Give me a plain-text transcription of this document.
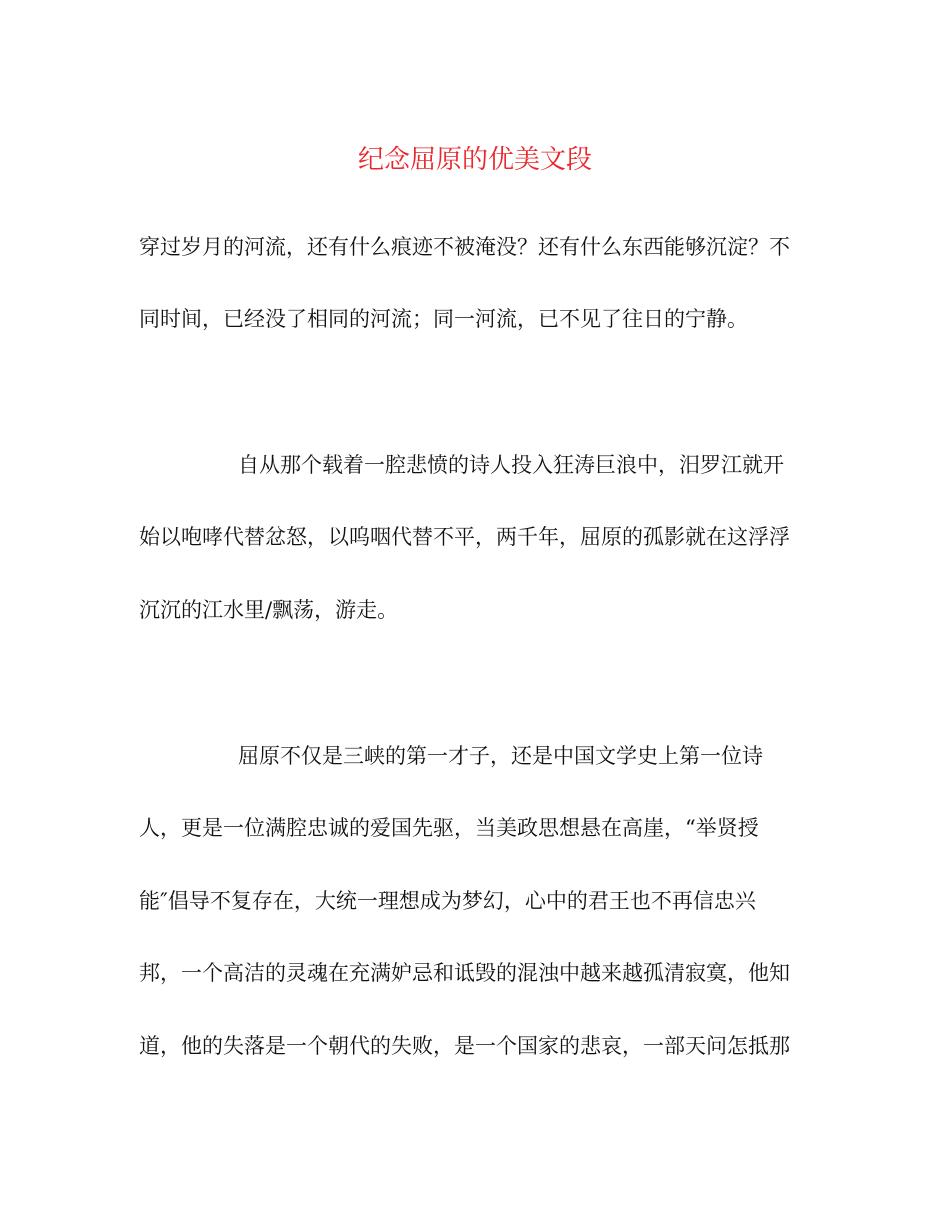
纪念屈原的优美文段

穿过岁月的河流，还有什么痕迹不被淹没？还有什么东西能够沉淀？不

同时间，已经没了相同的河流；同一河流，已不见了往日的宁静。

自从那个载着一腔悲愤的诗人投入狂涛巨浪中，汨罗江就开

始以咆哮代替忿怒，以呜咽代替不平，两千年，屈原的孤影就在这浮浮

沉沉的江水里/飘荡，游走。

屈原不仅是三峡的第一才子，还是中国文学史上第一位诗

人，更是一位满腔忠诚的爱国先驱，当美政思想悬在高崖，“举贤授

能″倡导不复存在，大统一理想成为梦幻，心中的君王也不再信忠兴

邦，一个高洁的灵魂在充满妒忌和诋毁的混浊中越来越孤清寂寞，他知

道，他的失落是一个朝代的失败，是一个国家的悲哀，一部天问怎抵那
